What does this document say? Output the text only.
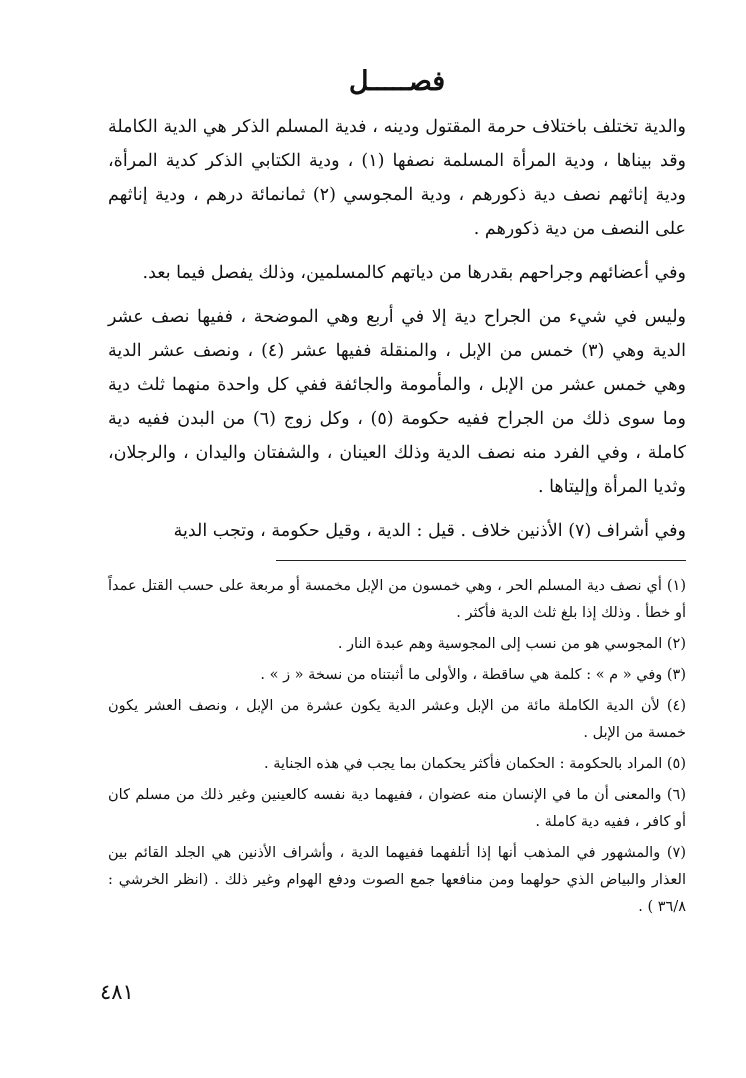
فصـــــل

والدية تختلف باختلاف حرمة المقتول ودينه ، فدية المسلم الذكر هي الدية الكاملة وقد بيناها ، ودية المرأة المسلمة نصفها (١) ، ودية الكتابي الذكر كدية المرأة، ودية إناثهم نصف دية ذكورهم ، ودية المجوسي (٢) ثمانمائة درهم ، ودية إناثهم على النصف من دية ذكورهم .

وفي أعضائهم وجراحهم بقدرها من دياتهم كالمسلمين، وذلك يفصل فيما بعد.

وليس في شيء من الجراح دية إلا في أربع وهي الموضحة ، ففيها نصف عشر الدية وهي (٣) خمس من الإبل ، والمنقلة ففيها عشر (٤) ، ونصف عشر الدية وهي خمس عشر من الإبل ، والمأمومة والجائفة ففي كل واحدة منهما ثلث دية وما سوى ذلك من الجراح ففيه حكومة (٥) ، وكل زوج (٦) من البدن ففيه دية كاملة ، وفي الفرد منه نصف الدية وذلك العينان ، والشفتان واليدان ، والرجلان، وثديا المرأة وإليتاها .

وفي أشراف (٧) الأذنين خلاف . قيل : الدية ، وقيل حكومة ، وتجب الدية

(١) أي نصف دية المسلم الحر ، وهي خمسون من الإبل مخمسة أو مربعة على حسب القتل عمداً أو خطأ . وذلك إذا بلغ ثلث الدية فأكثر .

(٢) المجوسي هو من نسب إلى المجوسية وهم عبدة النار .

(٣) وفي « م » : كلمة هي ساقطة ، والأولى ما أثبتناه من نسخة « ز » .

(٤) لأن الدية الكاملة مائة من الإبل وعشر الدية يكون عشرة من الإبل ، ونصف العشر يكون خمسة من الإبل .

(٥) المراد بالحكومة : الحكمان فأكثر يحكمان بما يجب في هذه الجناية .

(٦) والمعنى أن ما في الإنسان منه عضوان ، ففيهما دية نفسه كالعينين وغير ذلك من مسلم كان أو كافر ، ففيه دية كاملة .

(٧) والمشهور في المذهب أنها إذا أتلفهما ففيهما الدية ، وأشراف الأذنين هي الجلد القائم بين العذار والبياض الذي حولهما ومن منافعها جمع الصوت ودفع الهوام وغير ذلك . (انظر الخرشي : ٣٦/٨ ) .

٤٨١
